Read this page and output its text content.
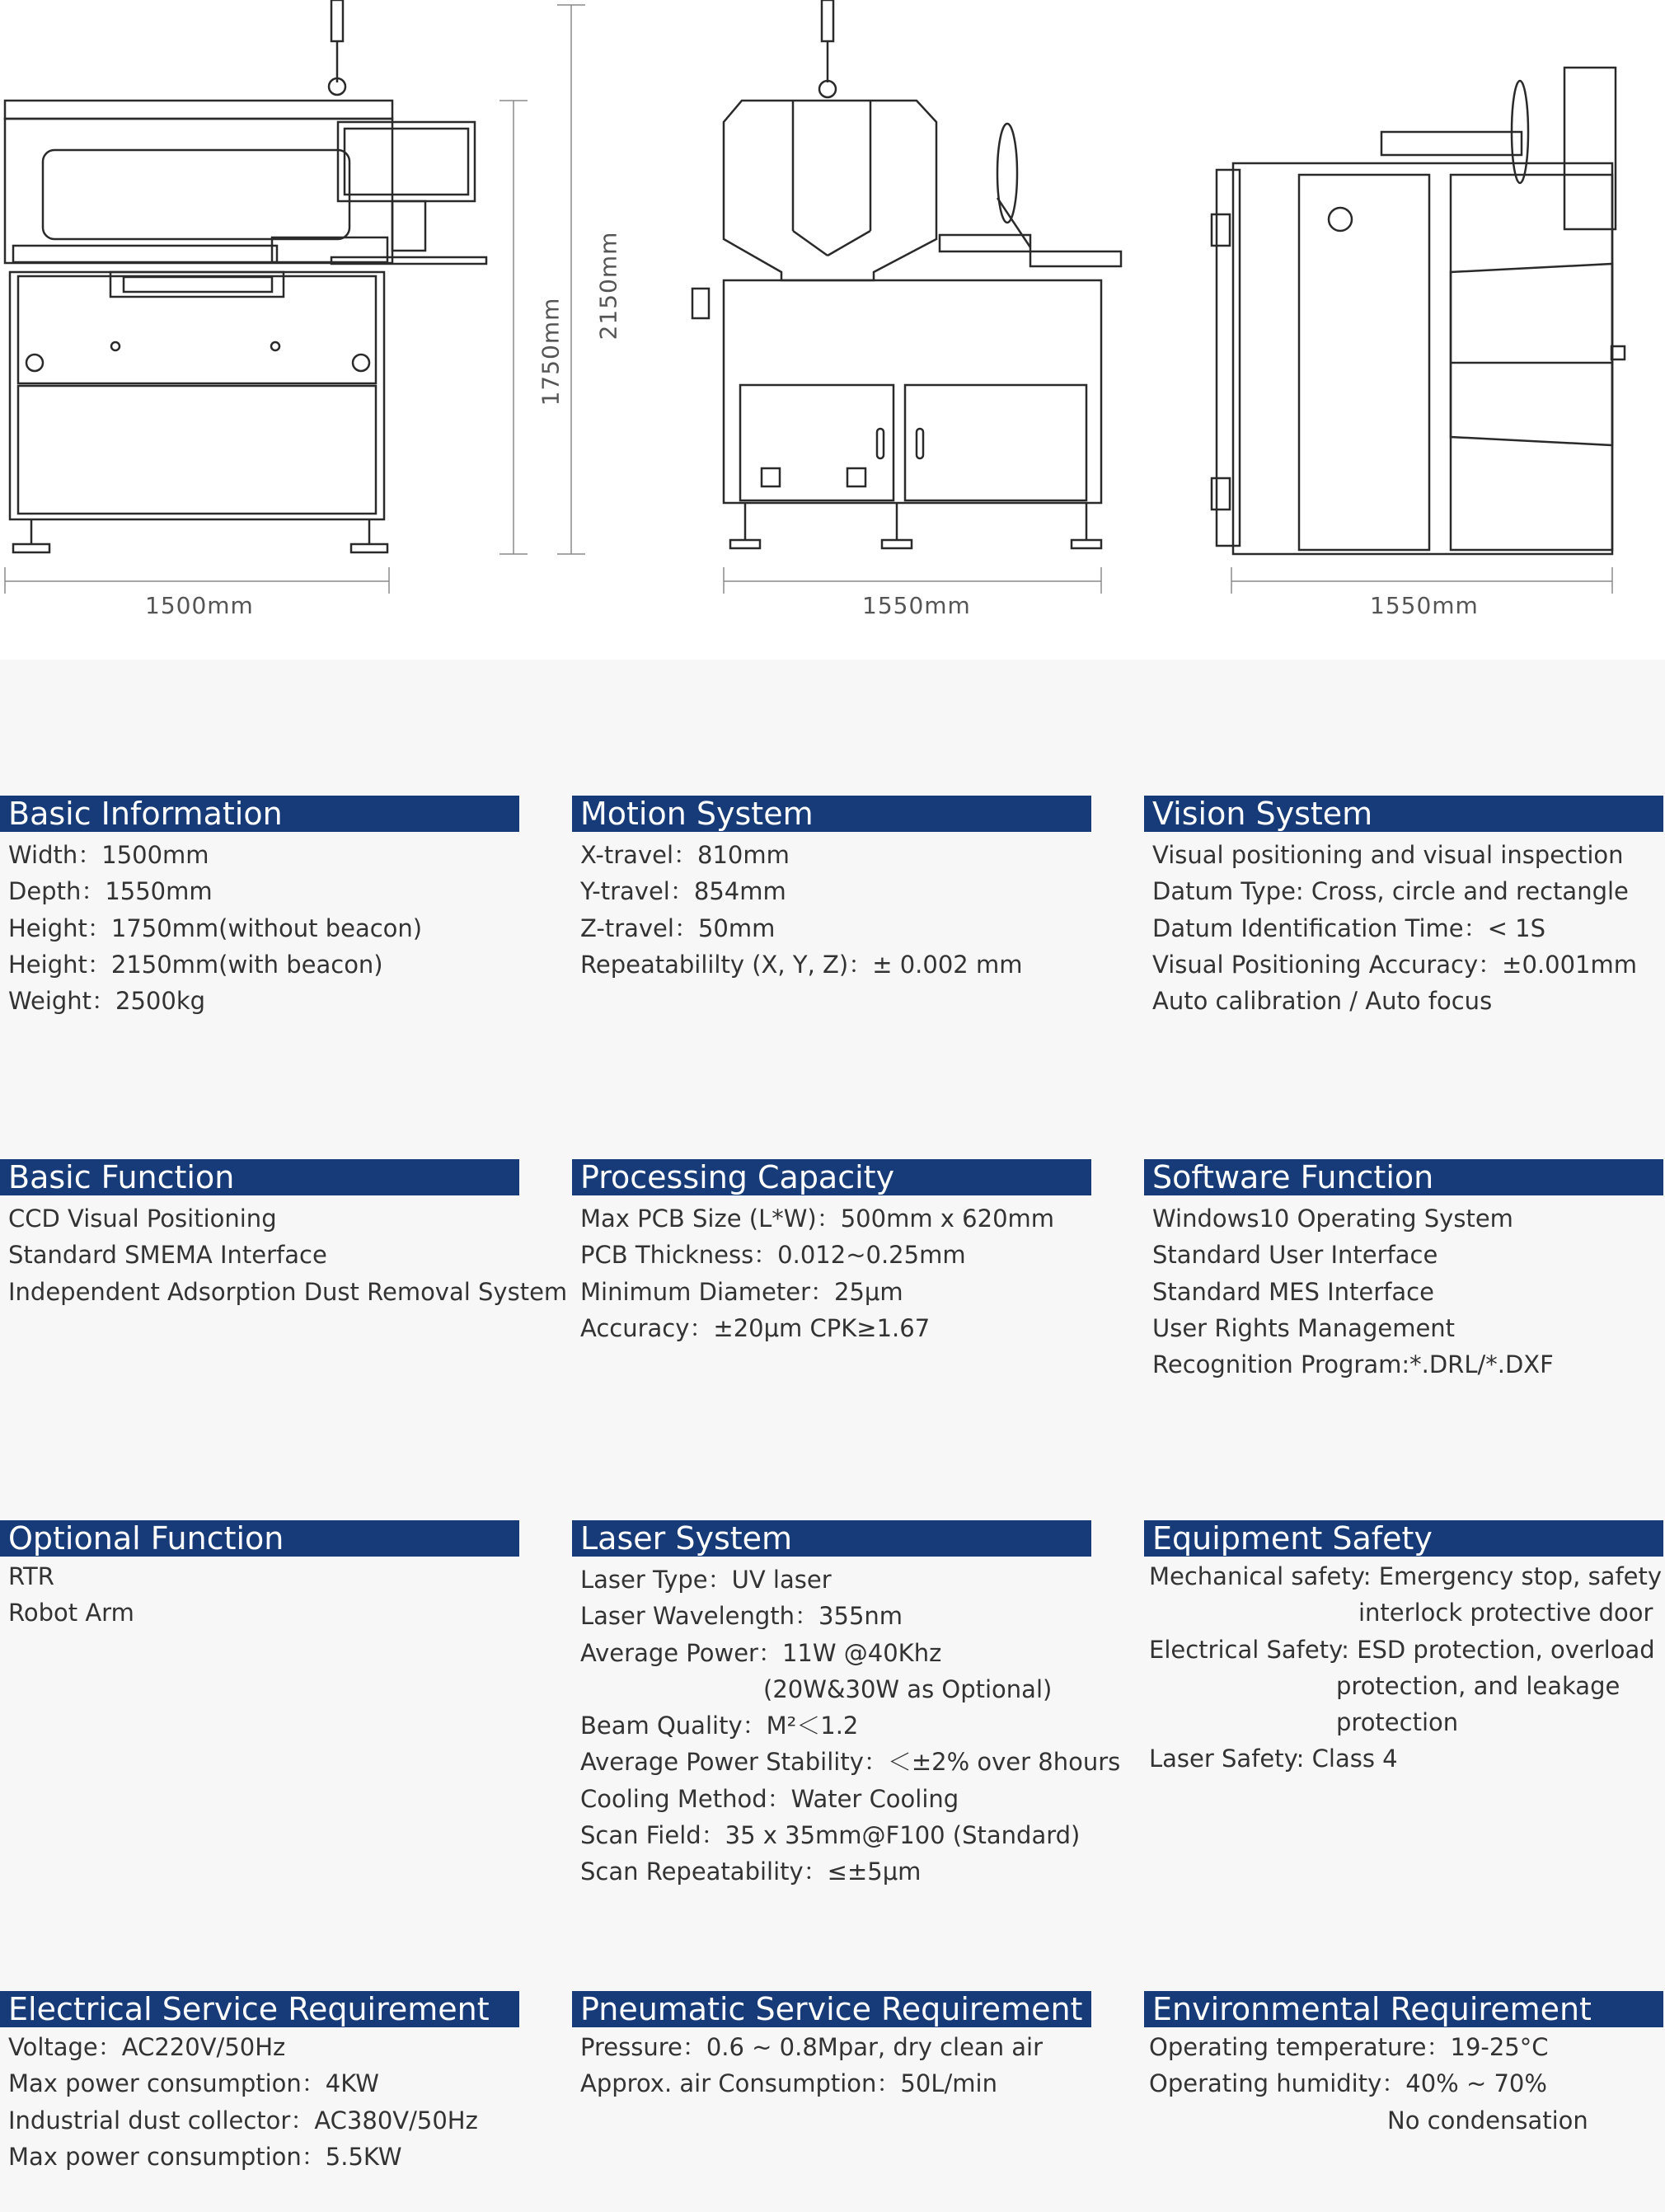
1500mm	1550mm	1550mm
1750mm
2150mm
Basic Information
Width：1500mm
Depth：1550mm
Height：1750mm(without beacon)
Height：2150mm(with beacon)
Weight：2500kg
Motion System
X-travel：810mm
Y-travel：854mm
Z-travel：50mm
Repeatabililty (X, Y, Z)：± 0.002 mm
Vision System
Visual positioning and visual inspection
Datum Type: Cross, circle and rectangle
Datum Identification Time：< 1S
Visual Positioning Accuracy：±0.001mm
Auto calibration / Auto focus
Basic Function
CCD Visual Positioning
Standard SMEMA Interface
Independent Adsorption Dust Removal System
Processing Capacity
Max PCB Size (L*W)：500mm x 620mm
PCB Thickness：0.012~0.25mm
Minimum Diameter：25μm
Accuracy：±20μm CPK≥1.67
Software Function
Windows10 Operating System
Standard User Interface
Standard MES Interface
User Rights Management
Recognition Program:*.DRL/*.DXF
Optional Function
RTR
Robot Arm
Laser System
Laser Type：UV laser
Laser Wavelength：355nm
Average Power：11W @40Khz
(20W&30W as Optional)
Beam Quality：M²＜1.2
Average Power Stability：＜±2% over 8hours
Cooling Method：Water Cooling
Scan Field：35 x 35mm@F100 (Standard)
Scan Repeatability：≤±5μm
Equipment Safety
Mechanical safety: Emergency stop, safety
interlock protective door
Electrical Safety: ESD protection, overload
protection, and leakage
protection
Laser Safety: Class 4
Electrical Service Requirement
Voltage：AC220V/50Hz
Max power consumption：4KW
Industrial dust collector：AC380V/50Hz
Max power consumption：5.5KW
Pneumatic Service Requirement
Pressure：0.6 ~ 0.8Mpar, dry clean air
Approx. air Consumption：50L/min
Environmental Requirement
Operating temperature：19-25°C
Operating humidity：40% ~ 70%
No condensation
